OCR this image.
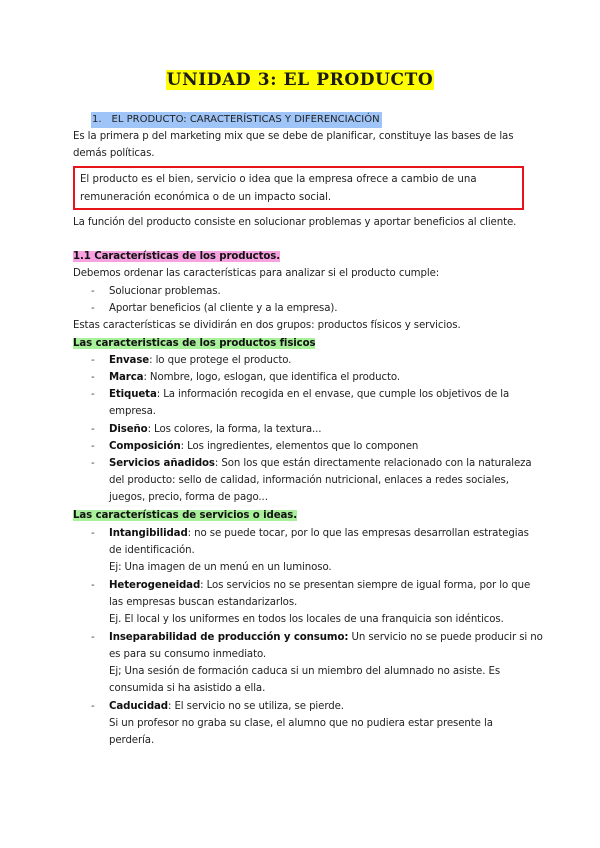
UNIDAD 3: EL PRODUCTO
1. EL PRODUCTO: CARACTERÍSTICAS Y DIFERENCIACIÓN
Es la primera p del marketing mix que se debe de planificar, constituye las bases de las
demás políticas.
El producto es el bien, servicio o idea que la empresa ofrece a cambio de una
remuneración económica o de un impacto social.
La función del producto consiste en solucionar problemas y aportar beneficios al cliente.
1.1 Características de los productos.
Debemos ordenar las características para analizar si el producto cumple:
- Solucionar problemas.
- Aportar beneficios (al cliente y a la empresa).
Estas características se dividirán en dos grupos: productos físicos y servicios.
Las caracteristicas de los productos fisicos
- Envase: lo que protege el producto.
- Marca: Nombre, logo, eslogan, que identifica el producto.
- Etiqueta: La información recogida en el envase, que cumple los objetivos de la
empresa.
- Diseño: Los colores, la forma, la textura...
- Composición: Los ingredientes, elementos que lo componen
- Servicios añadidos: Son los que están directamente relacionado con la naturaleza
del producto: sello de calidad, información nutricional, enlaces a redes sociales,
juegos, precio, forma de pago...
Las características de servicios o ideas.
- Intangibilidad: no se puede tocar, por lo que las empresas desarrollan estrategias
de identificación.
Ej: Una imagen de un menú en un luminoso.
- Heterogeneidad: Los servicios no se presentan siempre de igual forma, por lo que
las empresas buscan estandarizarlos.
Ej. El local y los uniformes en todos los locales de una franquicia son idénticos.
- Inseparabilidad de producción y consumo: Un servicio no se puede producir si no
es para su consumo inmediato.
Ej; Una sesión de formación caduca si un miembro del alumnado no asiste. Es
consumida si ha asistido a ella.
- Caducidad: El servicio no se utiliza, se pierde.
Si un profesor no graba su clase, el alumno que no pudiera estar presente la
perdería.
